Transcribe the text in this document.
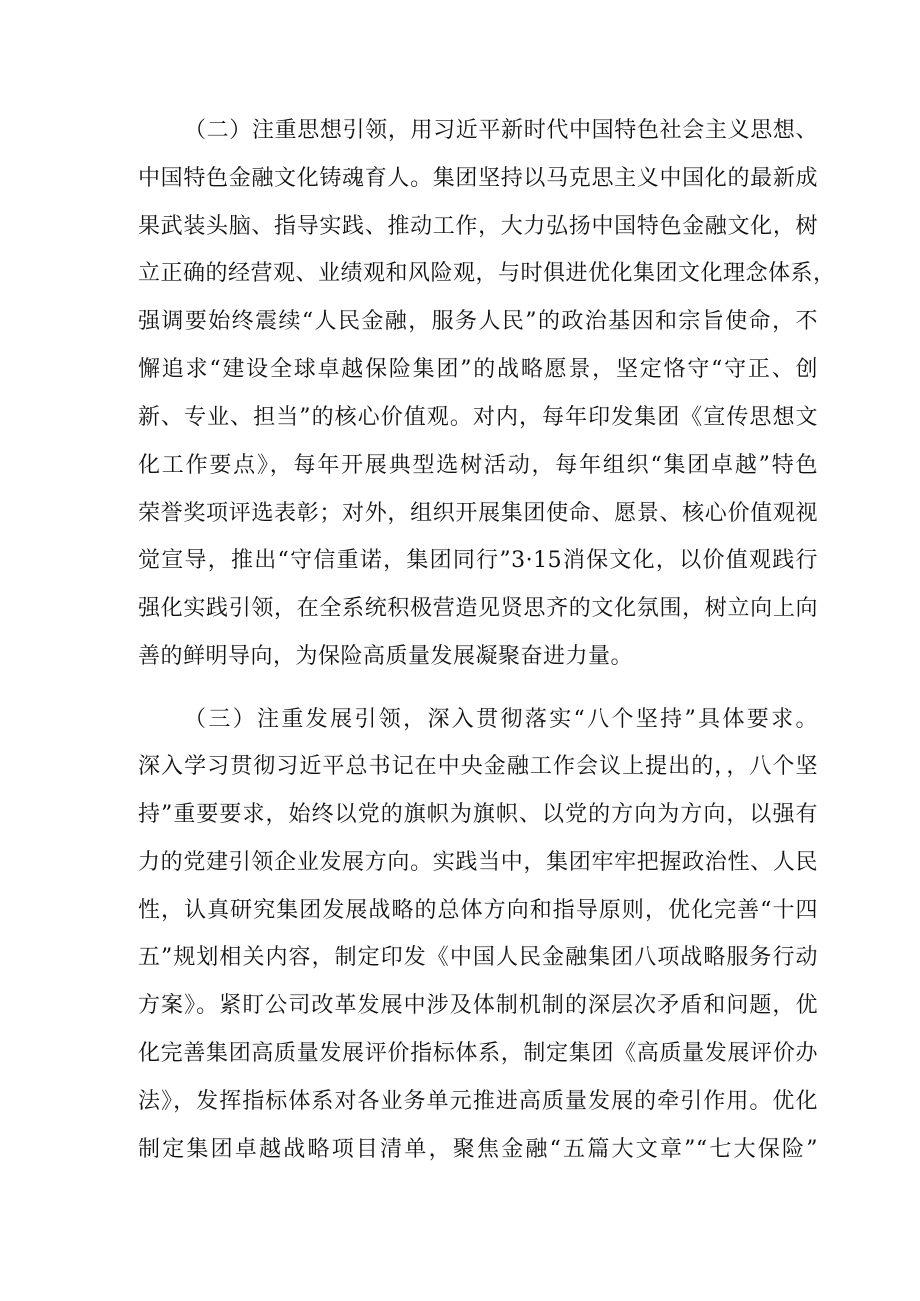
（二）注重思想引领，用习近平新时代中国特色社会主义思想、
中国特色金融文化铸魂育人。集团坚持以马克思主义中国化的最新成
果武装头脑、指导实践、推动工作，大力弘扬中国特色金融文化，树
立正确的经营观、业绩观和风险观，与时俱进优化集团文化理念体系，
强调要始终震续“人民金融，服务人民”的政治基因和宗旨使命，不
懈追求“建设全球卓越保险集团”的战略愿景，坚定恪守“守正、创
新、专业、担当”的核心价值观。对内，每年印发集团《宣传思想文
化工作要点》，每年开展典型选树活动，每年组织“集团卓越”特色
荣誉奖项评选表彰；对外，组织开展集团使命、愿景、核心价值观视
觉宣导，推出“守信重诺，集团同行”3·15消保文化，以价值观践行
强化实践引领，在全系统积极营造见贤思齐的文化氛围，树立向上向
善的鲜明导向，为保险高质量发展凝聚奋进力量。
（三）注重发展引领，深入贯彻落实“八个坚持”具体要求。
深入学习贯彻习近平总书记在中央金融工作会议上提出的，，八个坚
持”重要要求，始终以党的旗帜为旗帜、以党的方向为方向，以强有
力的党建引领企业发展方向。实践当中，集团牢牢把握政治性、人民
性，认真研究集团发展战略的总体方向和指导原则，优化完善“十四
五”规划相关内容，制定印发《中国人民金融集团八项战略服务行动
方案》。紧盯公司改革发展中涉及体制机制的深层次矛盾和问题，优
化完善集团高质量发展评价指标体系，制定集团《高质量发展评价办
法》，发挥指标体系对各业务单元推进高质量发展的牵引作用。优化
制定集团卓越战略项目清单，聚焦金融“五篇大文章”“七大保险”
